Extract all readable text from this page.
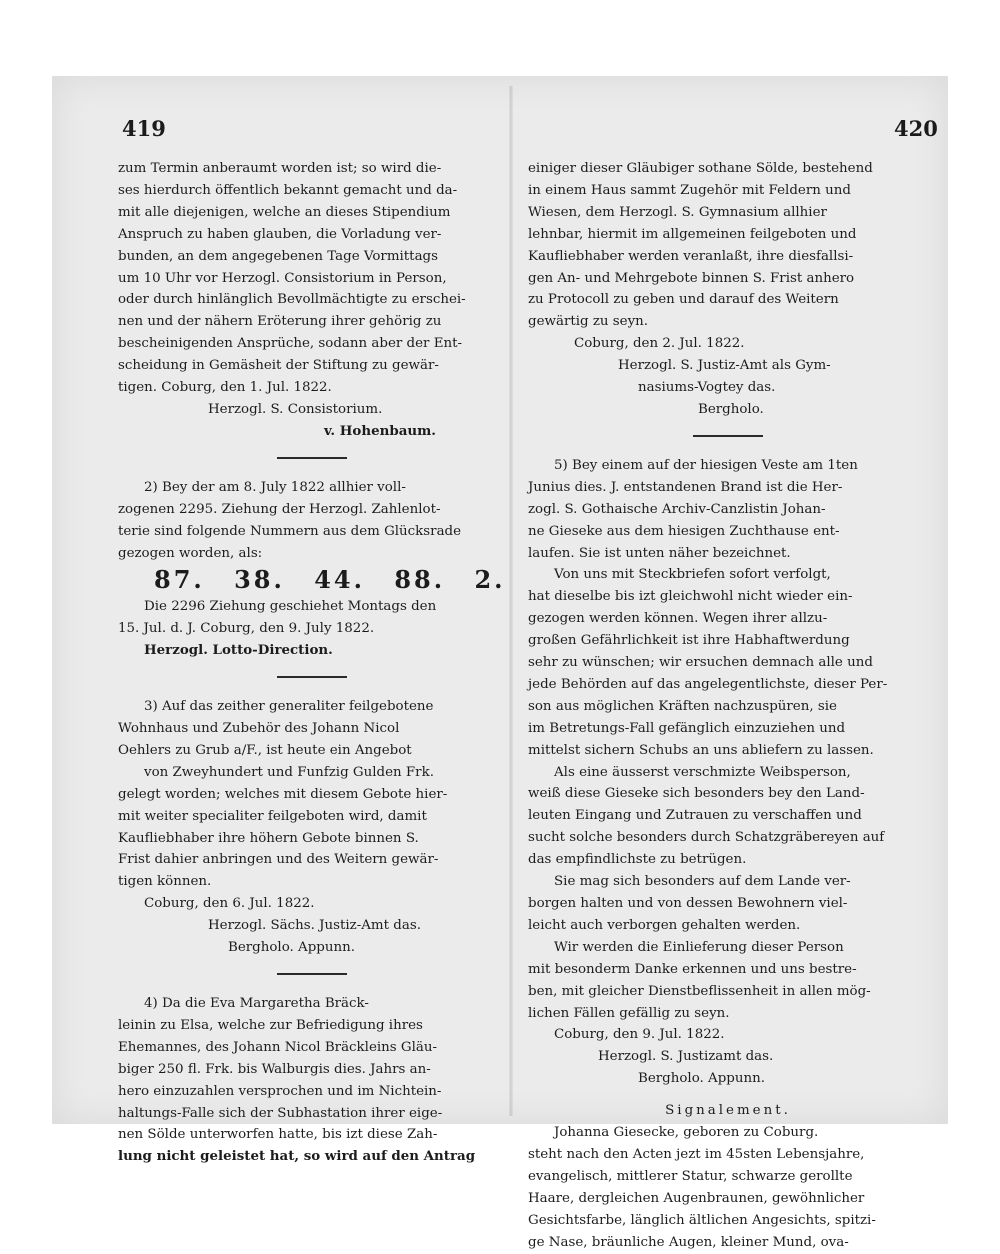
419
zum Termin anberaumt worden ist; so wird die-
ses hierdurch öffentlich bekannt gemacht und da-
mit alle diejenigen, welche an dieses Stipendium
Anspruch zu haben glauben, die Vorladung ver-
bunden, an dem angegebenen Tage Vormittags
um 10 Uhr vor Herzogl. Consistorium in Person,
oder durch hinlänglich Bevollmächtigte zu erschei-
nen und der nähern Eröterung ihrer gehörig zu
bescheinigenden Ansprüche, sodann aber der Ent-
scheidung in Gemäsheit der Stiftung zu gewär-
tigen. Coburg, den 1. Jul. 1822.
Herzogl. S. Consistorium.
v. Hohenbaum.
2) Bey der am 8. July 1822 allhier voll-
zogenen 2295. Ziehung der Herzogl. Zahlenlot-
terie sind folgende Nummern aus dem Glücksrade
gezogen worden, als:
87. 38. 44. 88. 2.
Die 2296 Ziehung geschiehet Montags den
15. Jul. d. J. Coburg, den 9. July 1822.
Herzogl. Lotto-Direction.
3) Auf das zeither generaliter feilgebotene
Wohnhaus und Zubehör des Johann Nicol
Oehlers zu Grub a/F., ist heute ein Angebot
von Zweyhundert und Funfzig Gulden Frk.
gelegt worden; welches mit diesem Gebote hier-
mit weiter specialiter feilgeboten wird, damit
Kaufliebhaber ihre höhern Gebote binnen S.
Frist dahier anbringen und des Weitern gewär-
tigen können.
Coburg, den 6. Jul. 1822.
Herzogl. Sächs. Justiz-Amt das.
Bergholo. Appunn.
4) Da die Eva Margaretha Bräck-
leinin zu Elsa, welche zur Befriedigung ihres
Ehemannes, des Johann Nicol Bräckleins Gläu-
biger 250 fl. Frk. bis Walburgis dies. Jahrs an-
hero einzuzahlen versprochen und im Nichtein-
haltungs-Falle sich der Subhastation ihrer eige-
nen Sölde unterworfen hatte, bis izt diese Zah-
lung nicht geleistet hat, so wird auf den Antrag
420
einiger dieser Gläubiger sothane Sölde, bestehend
in einem Haus sammt Zugehör mit Feldern und
Wiesen, dem Herzogl. S. Gymnasium allhier
lehnbar, hiermit im allgemeinen feilgeboten und
Kaufliebhaber werden veranlaßt, ihre diesfallsi-
gen An- und Mehrgebote binnen S. Frist anhero
zu Protocoll zu geben und darauf des Weitern
gewärtig zu seyn.
Coburg, den 2. Jul. 1822.
Herzogl. S. Justiz-Amt als Gym-
nasiums-Vogtey das.
Bergholo.
5) Bey einem auf der hiesigen Veste am 1ten
Junius dies. J. entstandenen Brand ist die Her-
zogl. S. Gothaische Archiv-Canzlistin Johan-
ne Gieseke aus dem hiesigen Zuchthause ent-
laufen. Sie ist unten näher bezeichnet.
Von uns mit Steckbriefen sofort verfolgt,
hat dieselbe bis izt gleichwohl nicht wieder ein-
gezogen werden können. Wegen ihrer allzu-
großen Gefährlichkeit ist ihre Habhaftwerdung
sehr zu wünschen; wir ersuchen demnach alle und
jede Behörden auf das angelegentlichste, dieser Per-
son aus möglichen Kräften nachzuspüren, sie
im Betretungs-Fall gefänglich einzuziehen und
mittelst sichern Schubs an uns abliefern zu lassen.
Als eine äusserst verschmizte Weibsperson,
weiß diese Gieseke sich besonders bey den Land-
leuten Eingang und Zutrauen zu verschaffen und
sucht solche besonders durch Schatzgräbereyen auf
das empfindlichste zu betrügen.
Sie mag sich besonders auf dem Lande ver-
borgen halten und von dessen Bewohnern viel-
leicht auch verborgen gehalten werden.
Wir werden die Einlieferung dieser Person
mit besonderm Danke erkennen und uns bestre-
ben, mit gleicher Dienstbeflissenheit in allen mög-
lichen Fällen gefällig zu seyn.
Coburg, den 9. Jul. 1822.
Herzogl. S. Justizamt das.
Bergholo. Appunn.
Signalement.
Johanna Giesecke, geboren zu Coburg.
steht nach den Acten jezt im 45sten Lebensjahre,
evangelisch, mittlerer Statur, schwarze gerollte
Haare, dergleichen Augenbraunen, gewöhnlicher
Gesichtsfarbe, länglich ältlichen Angesichts, spitzi-
ge Nase, bräunliche Augen, kleiner Mund, ova-
